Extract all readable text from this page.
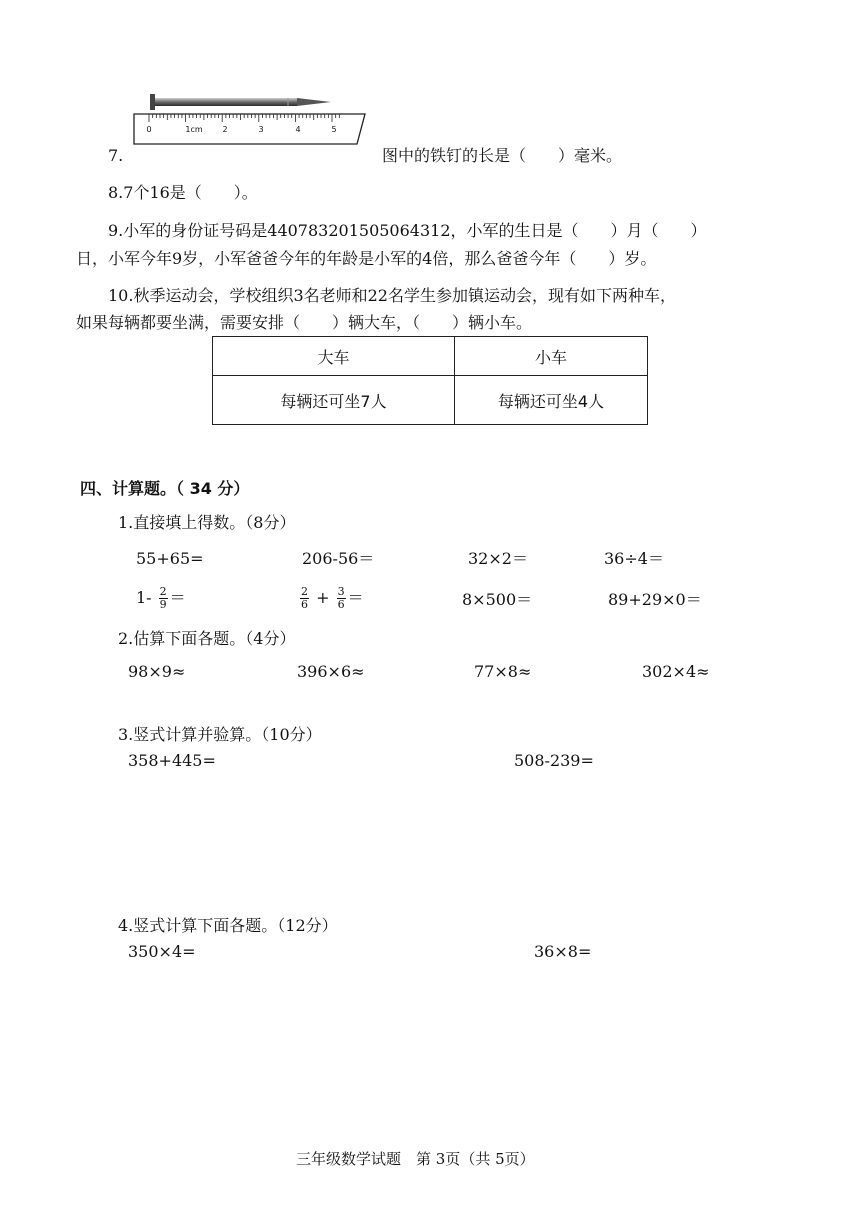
0	1cm 2	3	4	5
7.	图中的铁钉的长是（　　）毫米。
8.7个16是（　　）。
9.小军的身份证号码是440783201505064312，小军的生日是（　　）月（　　）
日，小军今年9岁，小军爸爸今年的年龄是小军的4倍，那么爸爸今年（　　）岁。
10.秋季运动会，学校组织3名老师和22名学生参加镇运动会，现有如下两种车，
如果每辆都要坐满，需要安排（　　）辆大车，（　　）辆小车。
大车	小车
每辆还可坐7人	每辆还可坐4人
四、计算题。（ 34 分）
1.直接填上得数。（8分）
55+65=	206-56＝	32×2＝	36÷4＝
$1- \frac{2}{9}$ ＝	$\frac{2}{6} + \frac{3}{6}$ ＝	8×500＝	89+29×0＝
2.估算下面各题。（4分）
98×9≈	396×6≈	77×8≈	302×4≈
3.竖式计算并验算。（10分）
358+445=	508-239=
4.竖式计算下面各题。（12分）
350×4=	36×8=
三年级数学试题　第 3页（共 5页）
